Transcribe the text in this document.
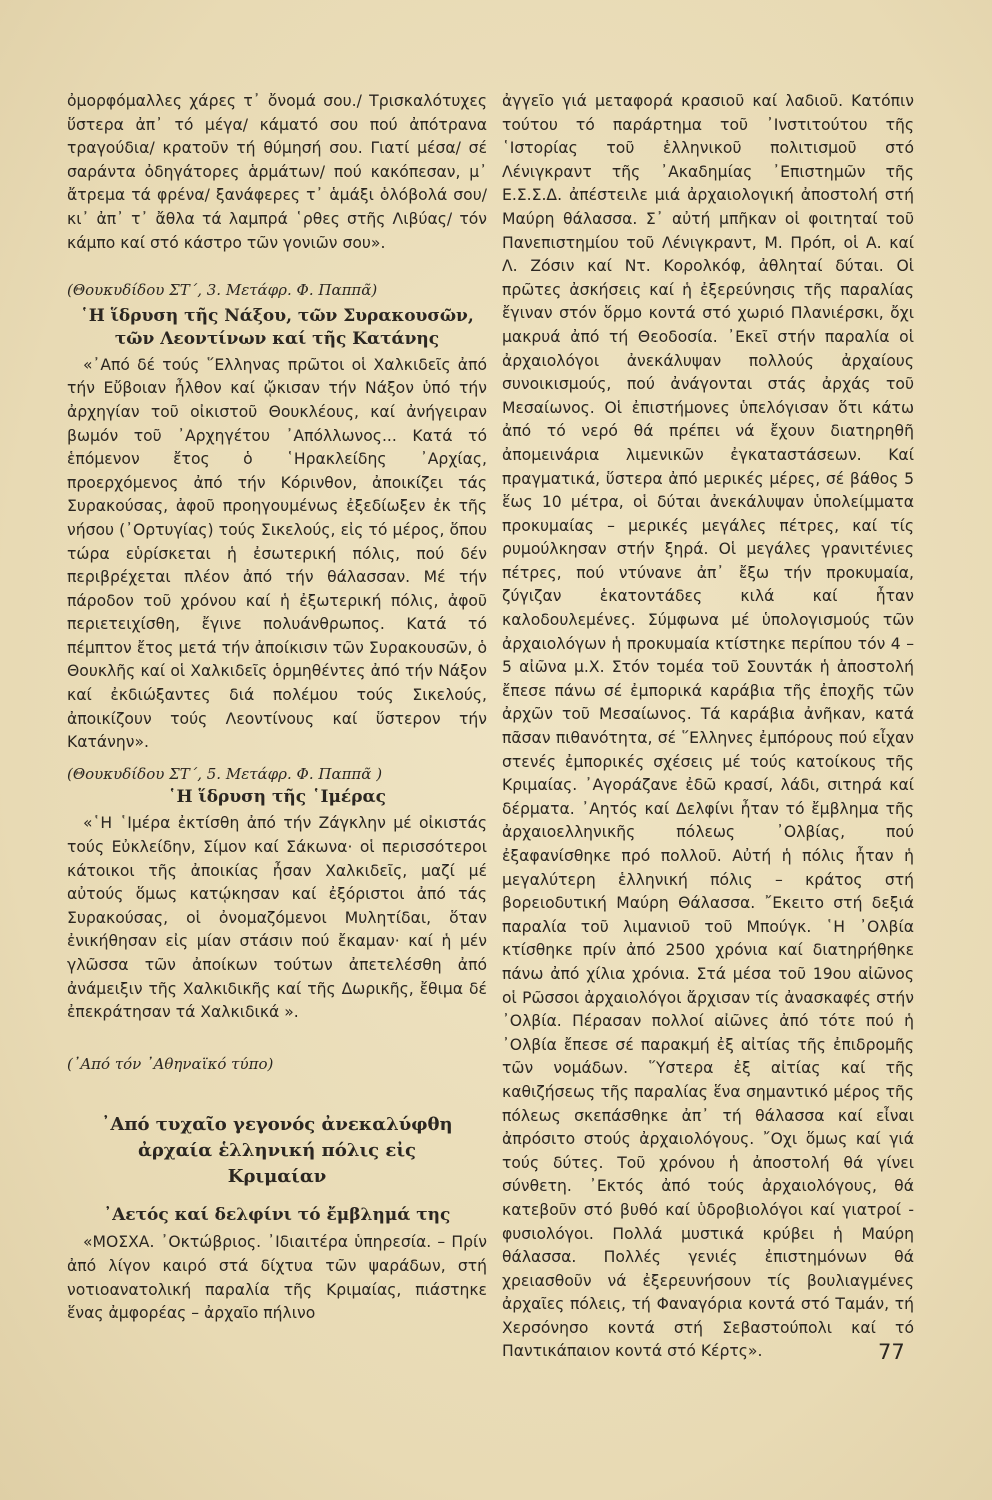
ὀμορφόμαλλες χάρες τ᾿ ὄνομά σου./ Τρισκαλότυχες ὕστερα ἀπ᾿ τό μέγα/ κάματό σου πού ἀπότρανα τραγούδια/ κρατοῦν τή θύμησή σου. Γιατί μέσα/ σέ σαράντα ὀδηγάτορες ἁρμάτων/ πού κακόπεσαν, μ᾿ ἄτρεμα τά φρένα/ ξανάφερες τ᾿ ἁμάξι ὁλόβολά σου/ κι᾿ ἀπ᾿ τ᾿ ἄθλα τά λαμπρά ῾ρθες στῆς Λιβύας/ τόν κάμπο καί στό κάστρο τῶν γονιῶν σου».

(Θουκυδίδου ΣΤ΄, 3. Μετάφρ. Φ. Παππᾶ)

῾Η ἵδρυση τῆς Νάξου, τῶν Συρακουσῶν, τῶν Λεοντίνων καί τῆς Κατάνης

«᾿Από δέ τούς ῞Ελληνας πρῶτοι οἱ Χαλκιδεῖς ἀπό τήν Εὔβοιαν ἦλθον καί ᾤκισαν τήν Νάξον ὑπό τήν ἀρχηγίαν τοῦ οἰκιστοῦ Θουκλέους, καί ἀνήγειραν βωμόν τοῦ ᾿Αρχηγέτου ᾿Απόλλωνος... Κατά τό ἑπόμενον ἔτος ὁ ῾Ηρακλείδης ᾿Αρχίας, προερχόμενος ἀπό τήν Κόρινθον, ἀποικίζει τάς Συρακούσας, ἀφοῦ προηγουμένως ἐξεδίωξεν ἐκ τῆς νήσου (᾿Ορτυγίας) τούς Σικελούς, εἰς τό μέρος, ὅπου τώρα εὑρίσκεται ἡ ἐσωτερική πόλις, πού δέν περιβρέχεται πλέον ἀπό τήν θάλασσαν. Μέ τήν πάροδον τοῦ χρόνου καί ἡ ἐξωτερική πόλις, ἀφοῦ περιετειχίσθη, ἔγινε πολυάνθρωπος. Κατά τό πέμπτον ἔτος μετά τήν ἀποίκισιν τῶν Συρακουσῶν, ὁ Θουκλῆς καί οἱ Χαλκιδεῖς ὁρμηθέντες ἀπό τήν Νάξον καί ἐκδιώξαντες διά πολέμου τούς Σικελούς, ἀποικίζουν τούς Λεοντίνους καί ὕστερον τήν Κατάνην».

(Θουκυδίδου ΣΤ΄, 5. Μετάφρ. Φ. Παππᾶ )

῾Η ἵδρυση τῆς ῾Ιμέρας

«῾Η ῾Ιμέρα ἐκτίσθη ἀπό τήν Ζάγκλην μέ οἰκιστάς τούς Εὐκλείδην, Σίμον καί Σάκωνα· οἱ περισσότεροι κάτοικοι τῆς ἀποικίας ἦσαν Χαλκιδεῖς, μαζί μέ αὐτούς ὅμως κατῴκησαν καί ἐξόριστοι ἀπό τάς Συρακούσας, οἱ ὀνομαζόμενοι Μυλητίδαι, ὅταν ἐνικήθησαν εἰς μίαν στάσιν πού ἔκαμαν· καί ἡ μέν γλῶσσα τῶν ἀποίκων τούτων ἀπετελέσθη ἀπό ἀνάμειξιν τῆς Χαλκιδικῆς καί τῆς Δωρικῆς, ἔθιμα δέ ἐπεκράτησαν τά Χαλκιδικά ».

(᾿Από τόν ᾿Αθηναϊκό τύπο)

᾿Από τυχαῖο γεγονός ἀνεκαλύφθη ἀρχαία ἑλληνική πόλις εἰς Κριμαίαν

᾿Αετός καί δελφίνι τό ἔμβλημά της

«ΜΟΣΧΑ. ᾿Οκτώβριος. ᾿Ιδιαιτέρα ὑπηρεσία. – Πρίν ἀπό λίγον καιρό στά δίχτυα τῶν ψαράδων, στή νοτιοανατολική παραλία τῆς Κριμαίας, πιάστηκε ἕνας ἀμφορέας – ἀρχαῖο πήλινο

ἀγγεῖο γιά μεταφορά κρασιοῦ καί λαδιοῦ. Κατόπιν τούτου τό παράρτημα τοῦ ᾿Ινστιτούτου τῆς ῾Ιστορίας τοῦ ἑλληνικοῦ πολιτισμοῦ στό Λένιγκραντ τῆς ᾿Ακαδημίας ᾿Επιστημῶν τῆς Ε.Σ.Σ.Δ. ἀπέστειλε μιά ἀρχαιολογική ἀποστολή στή Μαύρη θάλασσα. Σ᾿ αὐτή μπῆκαν οἱ φοιτηταί τοῦ Πανεπιστημίου τοῦ Λένιγκραντ, Μ. Πρόπ, οἱ Α. καί Λ. Ζόσιν καί Ντ. Κορολκόφ, ἀθληταί δύται. Οἱ πρῶτες ἀσκήσεις καί ἡ ἐξερεύνησις τῆς παραλίας ἔγιναν στόν ὅρμο κοντά στό χωριό Πλανιέρσκι, ὄχι μακρυά ἀπό τή Θεοδοσία. ᾿Εκεῖ στήν παραλία οἱ ἀρχαιολόγοι ἀνεκάλυψαν πολλούς ἀρχαίους συνοικισμούς, πού ἀνάγονται στάς ἀρχάς τοῦ Μεσαίωνος. Οἱ ἐπιστήμονες ὑπελόγισαν ὅτι κάτω ἀπό τό νερό θά πρέπει νά ἔχουν διατηρηθῆ ἀπομεινάρια λιμενικῶν ἐγκαταστάσεων. Καί πραγματικά, ὕστερα ἀπό μερικές μέρες, σέ βάθος 5 ἕως 10 μέτρα, οἱ δύται ἀνεκάλυψαν ὑπολείμματα προκυμαίας – μερικές μεγάλες πέτρες, καί τίς ρυμούλκησαν στήν ξηρά. Οἱ μεγάλες γρανιτένιες πέτρες, πού ντύνανε ἀπ᾿ ἔξω τήν προκυμαία, ζύγιζαν ἑκατοντάδες κιλά καί ἦταν καλοδουλεμένες. Σύμφωνα μέ ὑπολογισμούς τῶν ἀρχαιολόγων ἡ προκυμαία κτίστηκε περίπου τόν 4 – 5 αἰῶνα μ.Χ. Στόν τομέα τοῦ Σουντάκ ἡ ἀποστολή ἔπεσε πάνω σέ ἐμπορικά καράβια τῆς ἐποχῆς τῶν ἀρχῶν τοῦ Μεσαίωνος. Τά καράβια ἀνῆκαν, κατά πᾶσαν πιθανότητα, σέ ῞Ελληνες ἐμπόρους πού εἶχαν στενές ἐμπορικές σχέσεις μέ τούς κατοίκους τῆς Κριμαίας. ᾿Αγοράζανε ἐδῶ κρασί, λάδι, σιτηρά καί δέρματα. ᾿Αητός καί Δελφίνι ἦταν τό ἔμβλημα τῆς ἀρχαιοελληνικῆς πόλεως ᾿Ολβίας, πού ἐξαφανίσθηκε πρό πολλοῦ. Αὐτή ἡ πόλις ἦταν ἡ μεγαλύτερη ἑλληνική πόλις – κράτος στή βορειοδυτική Μαύρη Θάλασσα. ῎Εκειτο στή δεξιά παραλία τοῦ λιμανιοῦ τοῦ Μπούγκ. ῾Η ᾿Ολβία κτίσθηκε πρίν ἀπό 2500 χρόνια καί διατηρήθηκε πάνω ἀπό χίλια χρόνια. Στά μέσα τοῦ 19ου αἰῶνος οἱ Ρῶσσοι ἀρχαιολόγοι ἄρχισαν τίς ἀνασκαφές στήν ᾿Ολβία. Πέρασαν πολλοί αἰῶνες ἀπό τότε πού ἡ ᾿Ολβία ἔπεσε σέ παρακμή ἐξ αἰτίας τῆς ἐπιδρομῆς τῶν νομάδων. ῞Υστερα ἐξ αἰτίας καί τῆς καθιζήσεως τῆς παραλίας ἕνα σημαντικό μέρος τῆς πόλεως σκεπάσθηκε ἀπ᾿ τή θάλασσα καί εἶναι ἀπρόσιτο στούς ἀρχαιολόγους. ῎Οχι ὅμως καί γιά τούς δύτες. Τοῦ χρόνου ἡ ἀποστολή θά γίνει σύνθετη. ᾿Εκτός ἀπό τούς ἀρχαιολόγους, θά κατεβοῦν στό βυθό καί ὑδροβιολόγοι καί γιατροί - φυσιολόγοι. Πολλά μυστικά κρύβει ἡ Μαύρη θάλασσα. Πολλές γενιές ἐπιστημόνων θά χρειασθοῦν νά ἐξερευνήσουν τίς βουλιαγμένες ἀρχαῖες πόλεις, τή Φαναγόρια κοντά στό Ταμάν, τή Χερσόνησο κοντά στή Σεβαστούπολι καί τό Παντικάπαιον κοντά στό Κέρτς».	77
